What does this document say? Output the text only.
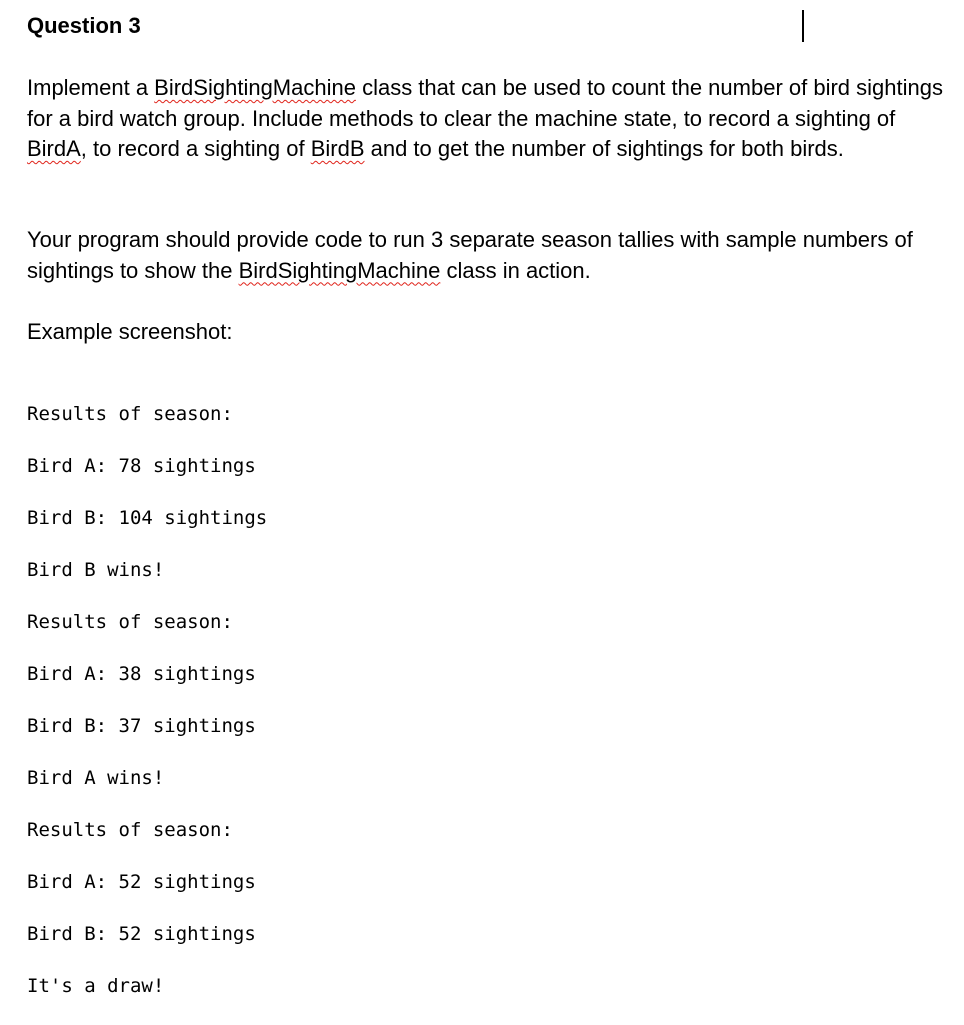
Question 3
Implement a BirdSightingMachine class that can be used to count the number of bird sightings for a bird watch group. Include methods to clear the machine state, to record a sighting of BirdA, to record a sighting of BirdB and to get the number of sightings for both birds.
Your program should provide code to run 3 separate season tallies with sample numbers of sightings to show the BirdSightingMachine class in action.
Example screenshot:

Results of season:

Bird A: 78 sightings

Bird B: 104 sightings

Bird B wins!

Results of season:

Bird A: 38 sightings

Bird B: 37 sightings

Bird A wins!

Results of season:

Bird A: 52 sightings

Bird B: 52 sightings

It's a draw!
